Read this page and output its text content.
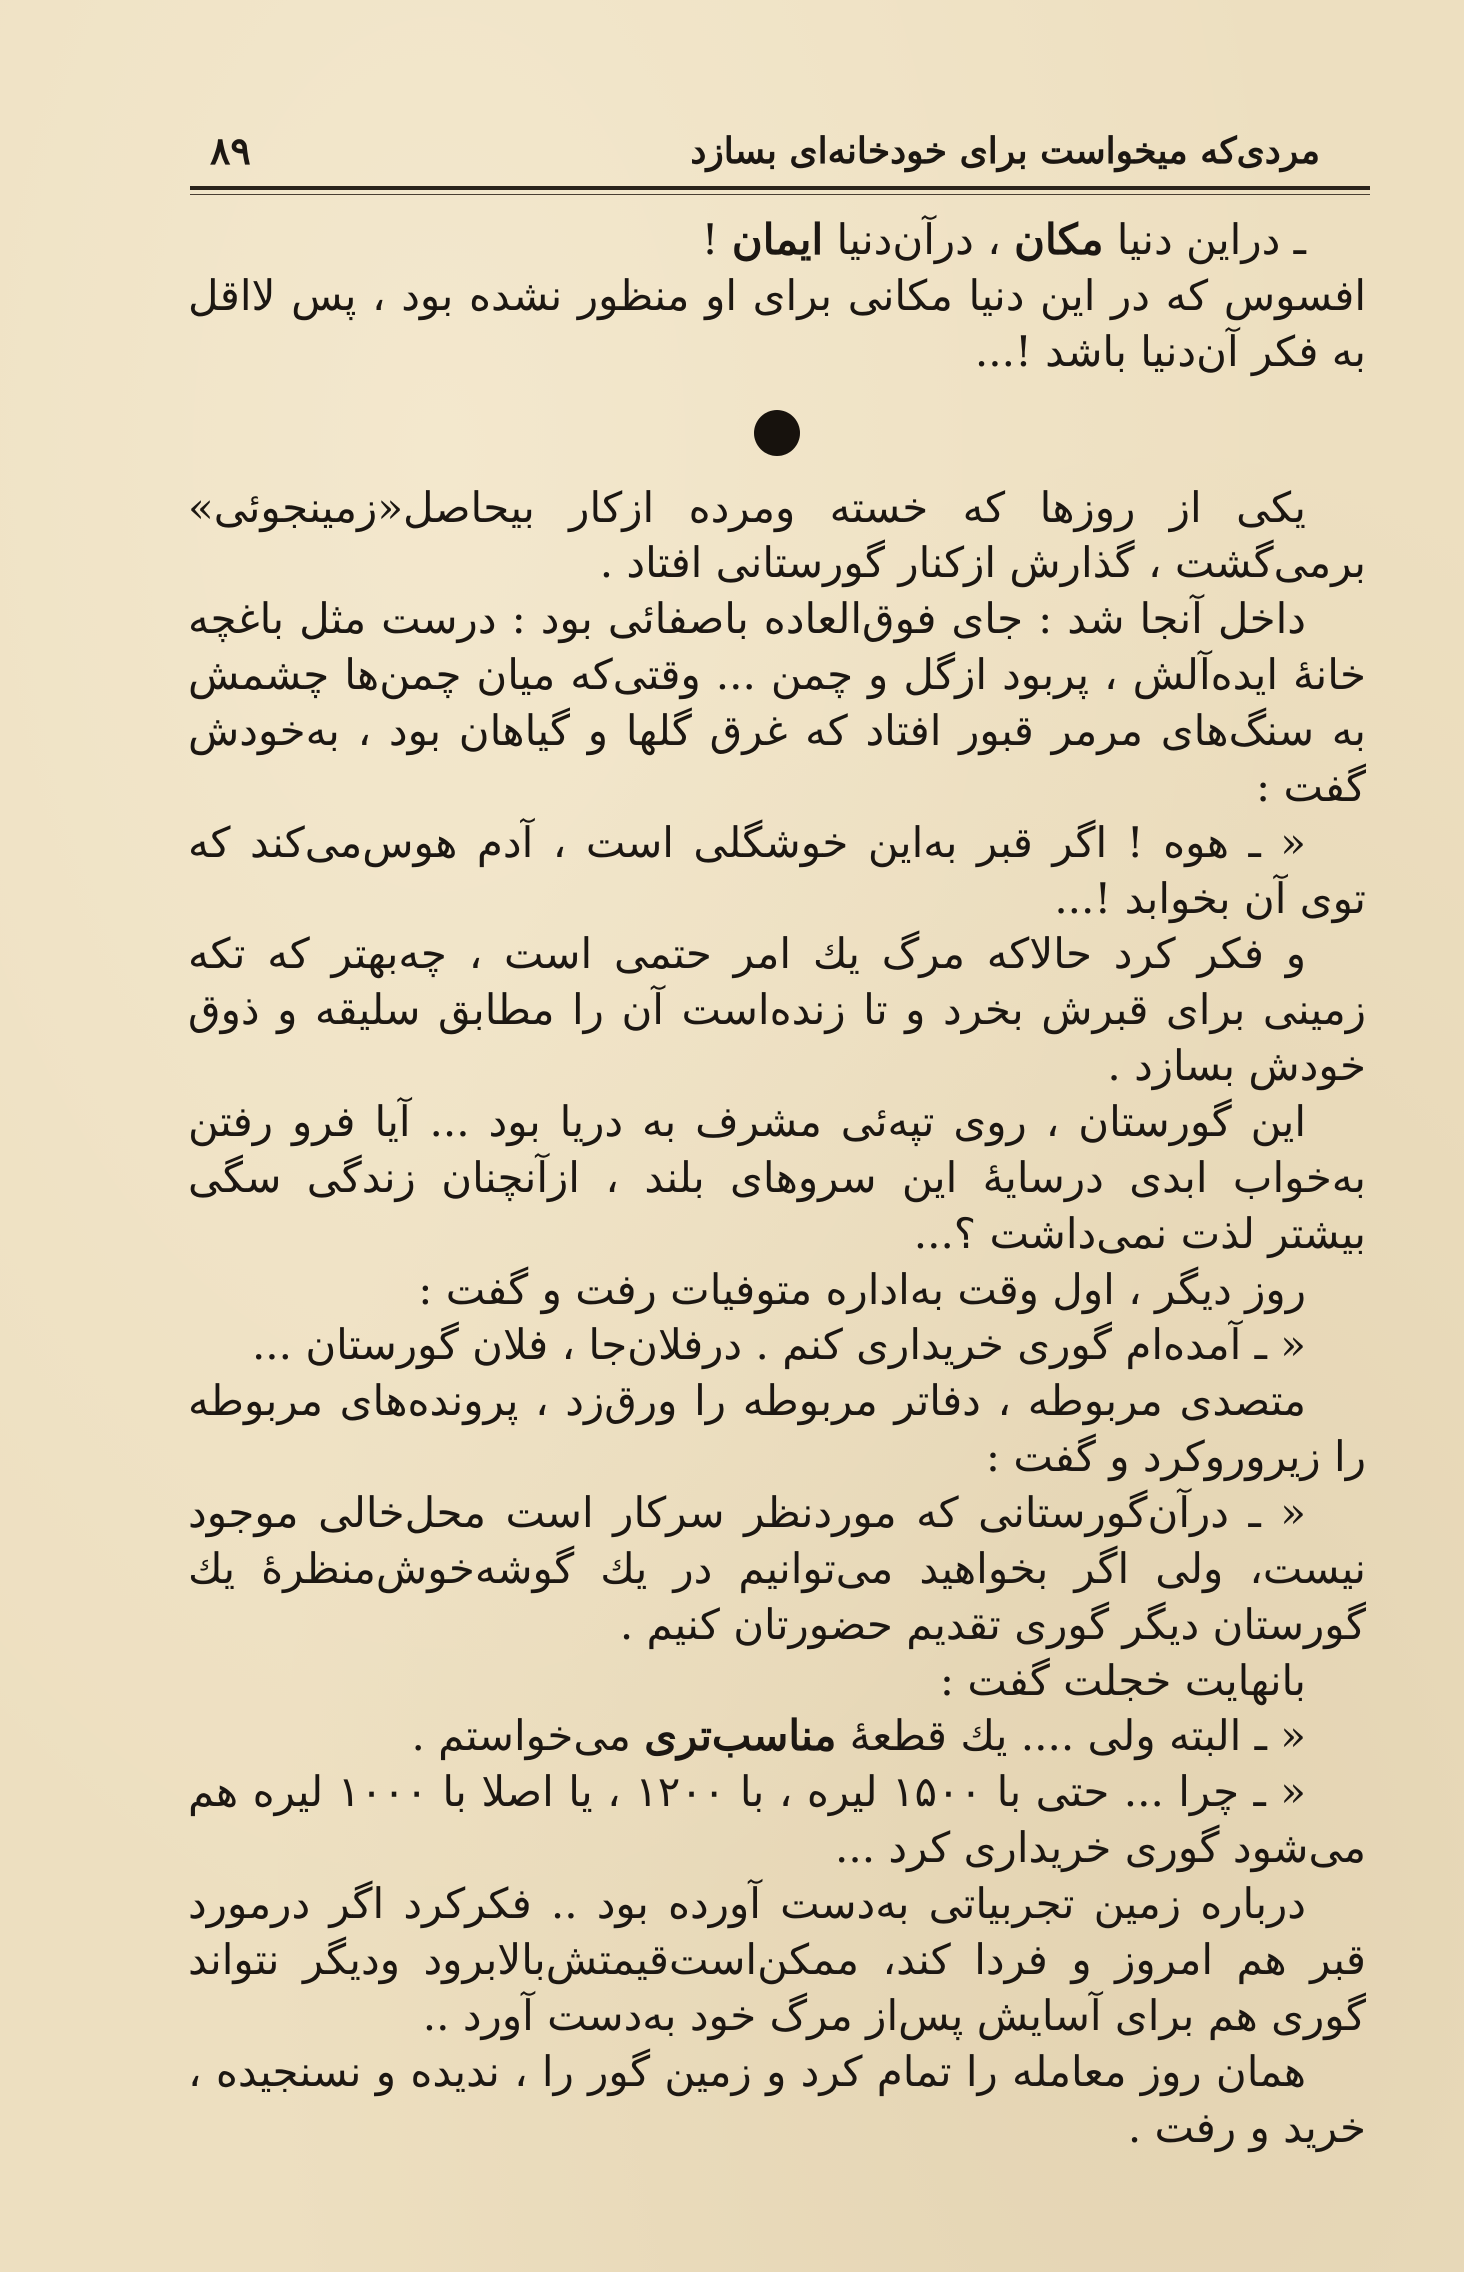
۸۹	مردی‌که میخواست برای خودخانه‌ای بسازد

ـ دراین دنیا مکان ، درآن‌دنیا ایمان !

افسوس که در این دنیا مکانی برای او منظور نشده بود ، پس لااقل به فکر آن‌دنیا باشد !...

یکی از روزها که خسته ومرده ازکار بیحاصل«زمینجوئی» برمی‌گشت ، گذارش ازکنار گورستانی افتاد .

داخل آنجا شد : جای فوق‌العاده باصفائی بود : درست مثل باغچه خانهٔ ایده‌آلش ، پربود ازگل و چمن ... وقتی‌که میان چمن‌ها چشمش به سنگ‌های مرمر قبور افتاد که غرق گلها و گیاهان بود ، به‌خودش گفت :

« ـ هوه ! اگر قبر به‌این خوشگلی است ، آدم هوس‌می‌کند که توی آن بخوابد !...

و فکر کرد حالاکه مرگ یك امر حتمی است ، چه‌بهتر که تکه زمینی برای قبرش بخرد و تا زنده‌است آن را مطابق سلیقه و ذوق خودش بسازد .

این گورستان ، روی تپه‌ئی مشرف به دریا بود ... آیا فرو رفتن به‌خواب ابدی درسایهٔ این سروهای بلند ، ازآنچنان زندگی سگی بیشتر لذت نمی‌داشت ؟...

روز دیگر ، اول وقت به‌اداره متوفیات رفت و گفت :

« ـ آمده‌ام گوری خریداری کنم . درفلان‌جا ، فلان گورستان ...

متصدی مربوطه ، دفاتر مربوطه را ورق‌زد ، پرونده‌های مربوطه را زیرورو‌کرد و گفت :

« ـ درآن‌گورستانی که موردنظر سرکار است محل‌خالی موجود نیست، ولی اگر بخواهید می‌توانیم در یك گوشه‌خوش‌منظرهٔ یك گورستان دیگر گوری تقدیم حضورتان کنیم .

بانهایت خجلت گفت :

« ـ البته ولی .... یك قطعهٔ مناسب‌تری می‌خواستم .

« ـ چرا ... حتی با ۱۵۰۰ لیره ، با ۱۲۰۰ ، یا اصلا با ۱۰۰۰ لیره هم می‌شود گوری خریداری کرد ...

درباره زمین تجربیاتی به‌دست آورده بود .. فکرکرد اگر درمورد قبر هم امروز و فردا کند، ممکن‌است‌قیمتش‌بالابرود ودیگر نتواند گوری هم برای آسایش پس‌از مرگ خود به‌دست آورد ..

همان روز معامله را تمام کرد و زمین گور را ، ندیده و نسنجیده ، خرید و رفت .
